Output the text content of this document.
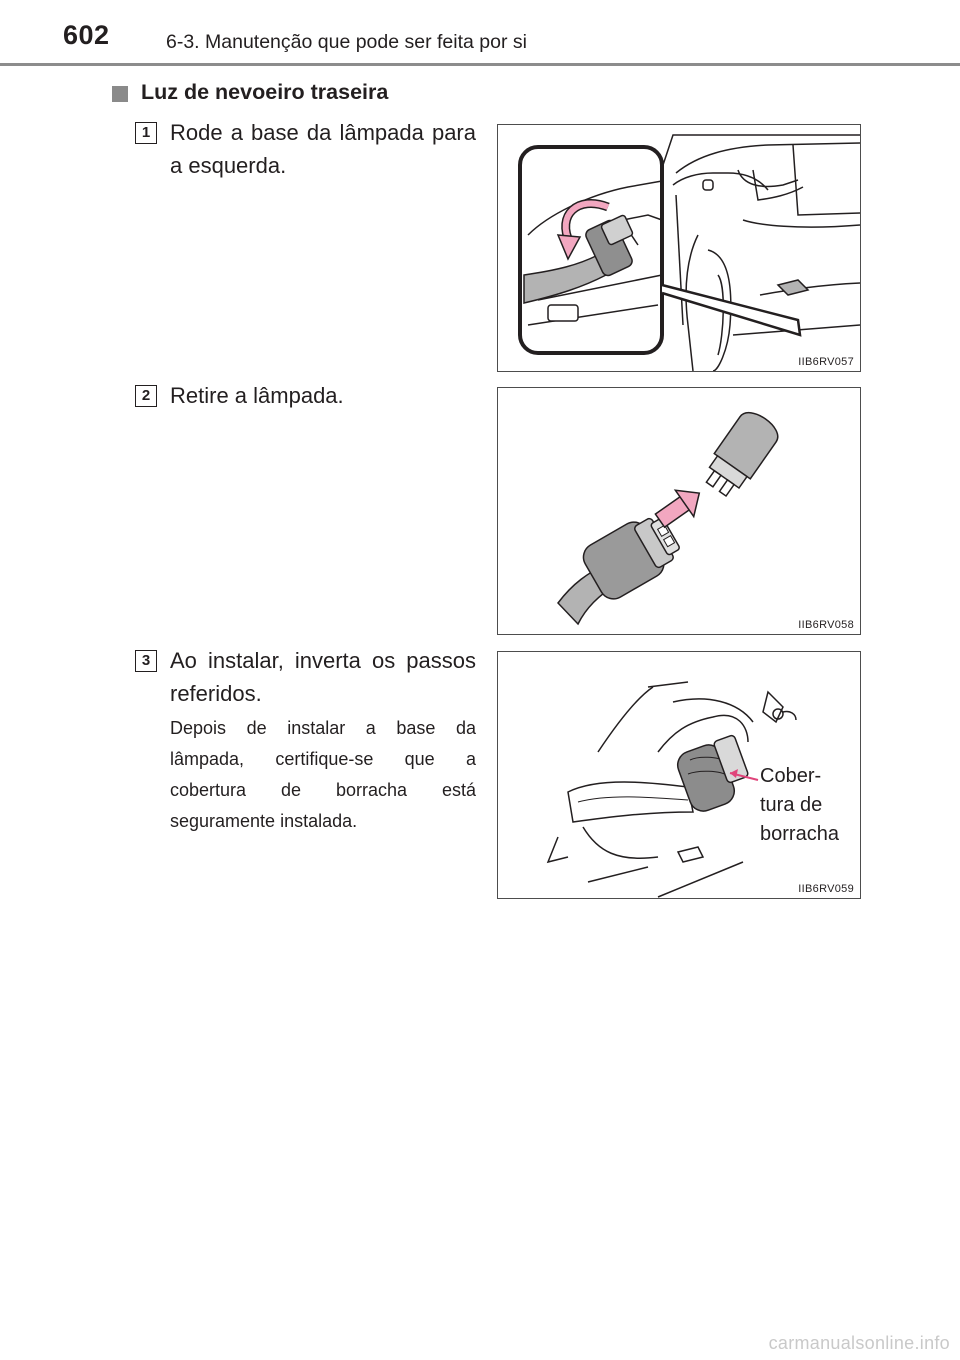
602	6-3. Manutenção que pode ser feita por si
Luz de nevoeiro traseira
1 Rode a base da lâmpada para a esquerda.
IIB6RV057
2 Retire a lâmpada.
IIB6RV058
3 Ao instalar, inverta os passos referidos.
Depois de instalar a base da lâmpada, certifique-se que a cobertura de borracha está seguramente instalada.
Cober-
tura de
borracha
IIB6RV059
carmanualsonline.info
